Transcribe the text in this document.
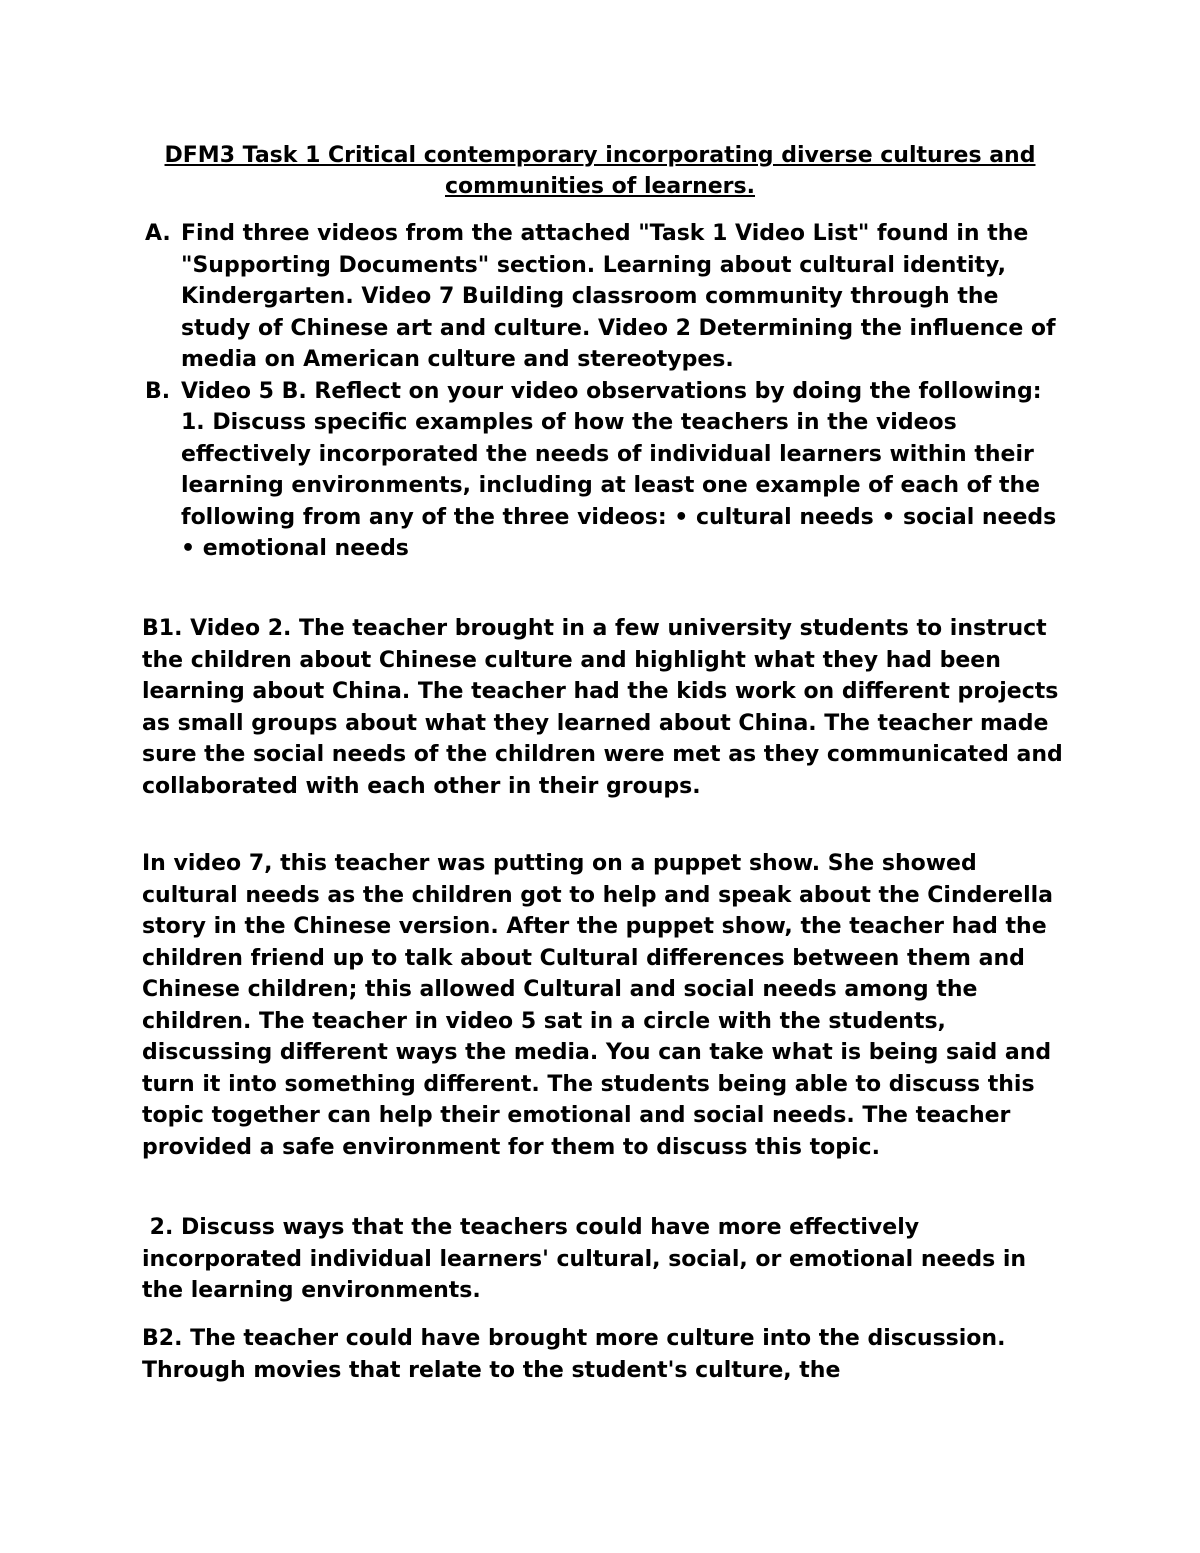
DFM3 Task 1 Critical contemporary incorporating diverse cultures and communities of learners.
A. Find three videos from the attached "Task 1 Video List" found in the "Supporting Documents" section. Learning about cultural identity, Kindergarten. Video 7 Building classroom community through the study of Chinese art and culture. Video 2 Determining the influence of media on American culture and stereotypes.
B. Video 5 B. Reflect on your video observations by doing the following: 1. Discuss specific examples of how the teachers in the videos effectively incorporated the needs of individual learners within their learning environments, including at least one example of each of the following from any of the three videos: • cultural needs • social needs • emotional needs

B1. Video 2. The teacher brought in a few university students to instruct the children about Chinese culture and highlight what they had been learning about China. The teacher had the kids work on different projects as small groups about what they learned about China. The teacher made sure the social needs of the children were met as they communicated and collaborated with each other in their groups.

In video 7, this teacher was putting on a puppet show. She showed cultural needs as the children got to help and speak about the Cinderella story in the Chinese version. After the puppet show, the teacher had the children friend up to talk about Cultural differences between them and Chinese children; this allowed Cultural and social needs among the children. The teacher in video 5 sat in a circle with the students, discussing different ways the media. You can take what is being said and turn it into something different. The students being able to discuss this topic together can help their emotional and social needs. The teacher provided a safe environment for them to discuss this topic.

2. Discuss ways that the teachers could have more effectively incorporated individual learners' cultural, social, or emotional needs in the learning environments.

B2. The teacher could have brought more culture into the discussion. Through movies that relate to the student's culture, the
